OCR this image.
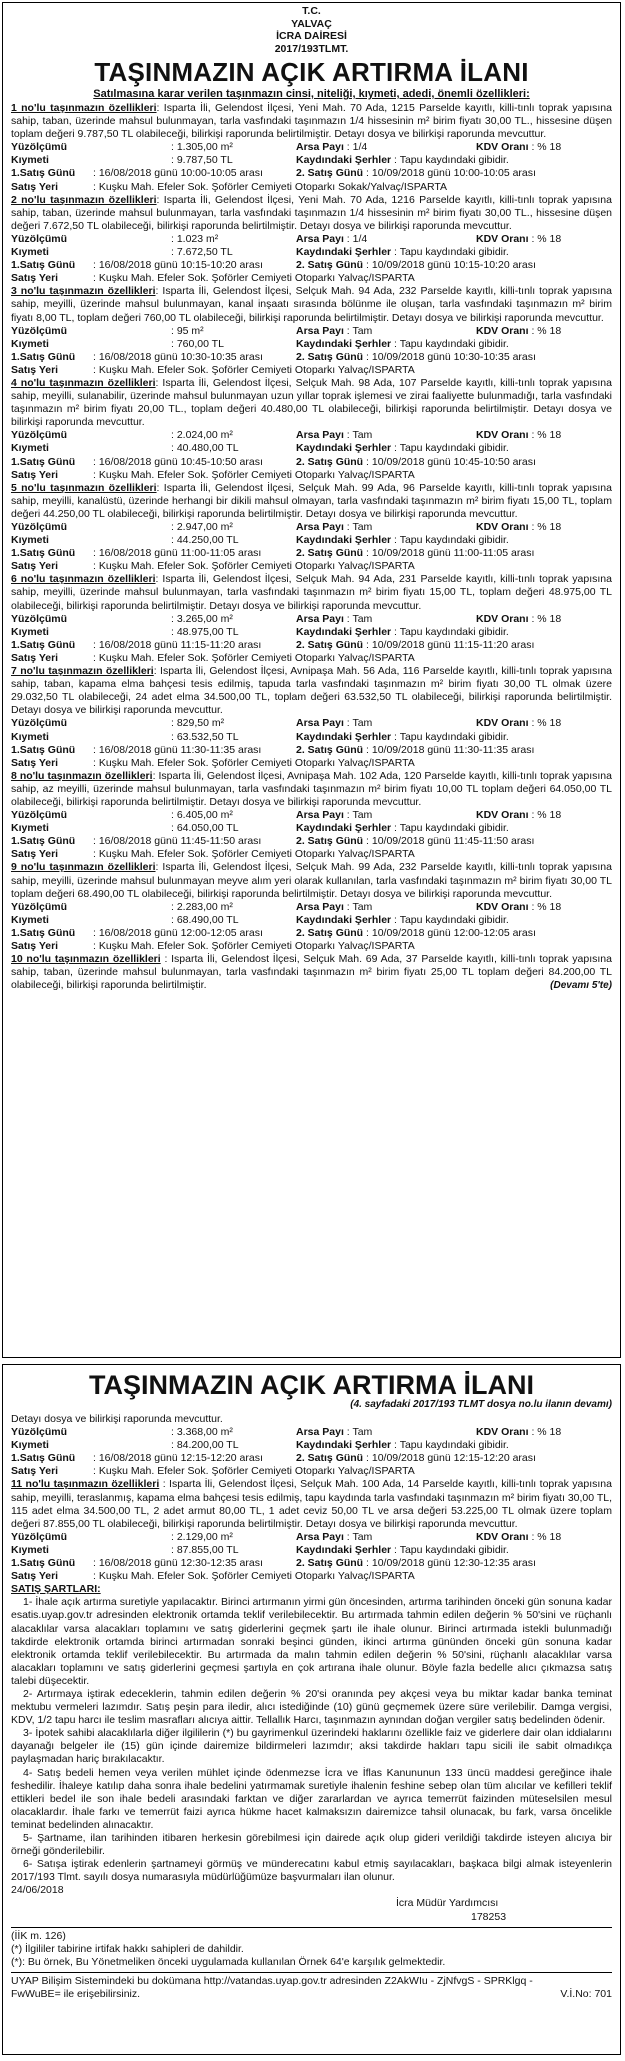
T.C.
YALVAÇ
İCRA DAİRESİ
2017/193TLMT.
TAŞINMAZIN AÇIK ARTIRMA İLANI
Satılmasına karar verilen taşınmazın cinsi, niteliği, kıymeti, adedi, önemli özellikleri:
1 no'lu taşınmazın özellikleri: Isparta İli, Gelendost İlçesi, Yeni Mah. 70 Ada, 1215 Parselde kayıtlı, killi-tınlı toprak yapısına sahip, taban, üzerinde mahsul bulunmayan, tarla vasfındaki taşınmazın 1/4 hissesinin m² birim fiyatı 30,00 TL., hissesine düşen toplam değeri 9.787,50 TL olabileceği, bilirkişi raporunda belirtilmiştir. Detayı dosya ve bilirkişi raporunda mevcuttur.
Yüzölçümü	: 1.305,00 m²	Arsa Payı : 1/4	KDV Oranı : % 18
Kıymeti	: 9.787,50 TL	Kaydındaki Şerhler : Tapu kaydındaki gibidir.
1.Satış Günü : 16/08/2018 günü 10:00-10:05 arası	2. Satış Günü : 10/09/2018 günü 10:00-10:05 arası
Satış Yeri	: Kuşku Mah. Efeler Sok. Şoförler Cemiyeti Otoparkı Sokak/Yalvaç/ISPARTA
2 no'lu taşınmazın özellikleri: Isparta İli, Gelendost İlçesi, Yeni Mah. 70 Ada, 1216 Parselde kayıtlı, killi-tınlı toprak yapısına sahip, taban, üzerinde mahsul bulunmayan, tarla vasfındaki taşınmazın 1/4 hissesinin m² birim fiyatı 30,00 TL., hissesine düşen değeri 7.672,50 TL olabileceği, bilirkişi raporunda belirtilmiştir. Detayı dosya ve bilirkişi raporunda mevcuttur.
Yüzölçümü	: 1.023 m²	Arsa Payı : 1/4	KDV Oranı : % 18
Kıymeti	: 7.672,50 TL	Kaydındaki Şerhler : Tapu kaydındaki gibidir.
1.Satış Günü : 16/08/2018 günü 10:15-10:20 arası	2. Satış Günü : 10/09/2018 günü 10:15-10:20 arası
Satış Yeri	: Kuşku Mah. Efeler Sok. Şoförler Cemiyeti Otoparkı Yalvaç/ISPARTA
3 no'lu taşınmazın özellikleri: Isparta İli, Gelendost İlçesi, Selçuk Mah. 94 Ada, 232 Parselde kayıtlı, killi-tınlı toprak yapısına sahip, meyilli, üzerinde mahsul bulunmayan, kanal inşaatı sırasında bölünme ile oluşan, tarla vasfındaki taşınmazın m² birim fiyatı 8,00 TL, toplam değeri 760,00 TL olabileceği, bilirkişi raporunda belirtilmiştir. Detayı dosya ve bilirkişi raporunda mevcuttur.
Yüzölçümü	: 95 m²	Arsa Payı : Tam	KDV Oranı : % 18
Kıymeti	: 760,00 TL	Kaydındaki Şerhler : Tapu kaydındaki gibidir.
1.Satış Günü : 16/08/2018 günü 10:30-10:35 arası	2. Satış Günü : 10/09/2018 günü 10:30-10:35 arası
Satış Yeri	: Kuşku Mah. Efeler Sok. Şoförler Cemiyeti Otoparkı Yalvaç/ISPARTA
4 no'lu taşınmazın özellikleri: Isparta İli, Gelendost İlçesi, Selçuk Mah. 98 Ada, 107 Parselde kayıtlı, killi-tınlı toprak yapısına sahip, meyilli, sulanabilir, üzerinde mahsul bulunmayan uzun yıllar toprak işlemesi ve zirai faaliyette bulunmadığı, tarla vasfındaki taşınmazın m² birim fiyatı 20,00 TL., toplam değeri 40.480,00 TL olabileceği, bilirkişi raporunda belirtilmiştir. Detayı dosya ve bilirkişi raporunda mevcuttur.
Yüzölçümü	: 2.024,00 m²	Arsa Payı : Tam	KDV Oranı : % 18
Kıymeti	: 40.480,00 TL	Kaydındaki Şerhler : Tapu kaydındaki gibidir.
1.Satış Günü : 16/08/2018 günü 10:45-10:50 arası	2. Satış Günü : 10/09/2018 günü 10:45-10:50 arası
Satış Yeri	: Kuşku Mah. Efeler Sok. Şoförler Cemiyeti Otoparkı Yalvaç/ISPARTA
5 no'lu taşınmazın özellikleri: Isparta İli, Gelendost İlçesi, Selçuk Mah. 99 Ada, 96 Parselde kayıtlı, killi-tınlı toprak yapısına sahip, meyilli, kanalüstü, üzerinde herhangi bir dikili mahsul olmayan, tarla vasfındaki taşınmazın m² birim fiyatı 15,00 TL, toplam değeri 44.250,00 TL olabileceği, bilirkişi raporunda belirtilmiştir. Detayı dosya ve bilirkişi raporunda mevcuttur.
Yüzölçümü	: 2.947,00 m²	Arsa Payı : Tam	KDV Oranı : % 18
Kıymeti	: 44.250,00 TL	Kaydındaki Şerhler : Tapu kaydındaki gibidir.
1.Satış Günü : 16/08/2018 günü 11:00-11:05 arası	2. Satış Günü : 10/09/2018 günü 11:00-11:05 arası
Satış Yeri	: Kuşku Mah. Efeler Sok. Şoförler Cemiyeti Otoparkı Yalvaç/ISPARTA
6 no'lu taşınmazın özellikleri: Isparta İli, Gelendost İlçesi, Selçuk Mah. 94 Ada, 231 Parselde kayıtlı, killi-tınlı toprak yapısına sahip, meyilli, üzerinde mahsul bulunmayan, tarla vasfındaki taşınmazın m² birim fiyatı 15,00 TL, toplam değeri 48.975,00 TL olabileceği, bilirkişi raporunda belirtilmiştir. Detayı dosya ve bilirkişi raporunda mevcuttur.
Yüzölçümü	: 3.265,00 m²	Arsa Payı : Tam	KDV Oranı : % 18
Kıymeti	: 48.975,00 TL	Kaydındaki Şerhler : Tapu kaydındaki gibidir.
1.Satış Günü : 16/08/2018 günü 11:15-11:20 arası	2. Satış Günü : 10/09/2018 günü 11:15-11:20 arası
Satış Yeri	: Kuşku Mah. Efeler Sok. Şoförler Cemiyeti Otoparkı Yalvaç/ISPARTA
7 no'lu taşınmazın özellikleri: Isparta İli, Gelendost İlçesi, Avnipaşa Mah. 56 Ada, 116 Parselde kayıtlı, killi-tınlı toprak yapısına sahip, taban, kapama elma bahçesi tesis edilmiş, tapuda tarla vasfındaki taşınmazın m² birim fiyatı 30,00 TL olmak üzere 29.032,50 TL olabileceği, 24 adet elma 34.500,00 TL, toplam değeri 63.532,50 TL olabileceği, bilirkişi raporunda belirtilmiştir. Detayı dosya ve bilirkişi raporunda mevcuttur.
Yüzölçümü	: 829,50 m²	Arsa Payı : Tam	KDV Oranı : % 18
Kıymeti	: 63.532,50 TL	Kaydındaki Şerhler : Tapu kaydındaki gibidir.
1.Satış Günü : 16/08/2018 günü 11:30-11:35 arası	2. Satış Günü : 10/09/2018 günü 11:30-11:35 arası
Satış Yeri	: Kuşku Mah. Efeler Sok. Şoförler Cemiyeti Otoparkı Yalvaç/ISPARTA
8 no'lu taşınmazın özellikleri: Isparta İli, Gelendost İlçesi, Avnipaşa Mah. 102 Ada, 120 Parselde kayıtlı, killi-tınlı toprak yapısına sahip, az meyilli, üzerinde mahsul bulunmayan, tarla vasfındaki taşınmazın m² birim fiyatı 10,00 TL toplam değeri 64.050,00 TL olabileceği, bilirkişi raporunda belirtilmiştir. Detayı dosya ve bilirkişi raporunda mevcuttur.
Yüzölçümü	: 6.405,00 m²	Arsa Payı : Tam	KDV Oranı : % 18
Kıymeti	: 64.050,00 TL	Kaydındaki Şerhler : Tapu kaydındaki gibidir.
1.Satış Günü : 16/08/2018 günü 11:45-11:50 arası	2. Satış Günü : 10/09/2018 günü 11:45-11:50 arası
Satış Yeri	: Kuşku Mah. Efeler Sok. Şoförler Cemiyeti Otoparkı Yalvaç/ISPARTA
9 no'lu taşınmazın özellikleri: Isparta İli, Gelendost İlçesi, Selçuk Mah. 99 Ada, 232 Parselde kayıtlı, killi-tınlı toprak yapısına sahip, meyilli, üzerinde mahsul bulunmayan meyve alım yeri olarak kullanılan, tarla vasfındaki taşınmazın m² birim fiyatı 30,00 TL toplam değeri 68.490,00 TL olabileceği, bilirkişi raporunda belirtilmiştir. Detayı dosya ve bilirkişi raporunda mevcuttur.
Yüzölçümü	: 2.283,00 m²	Arsa Payı : Tam	KDV Oranı : % 18
Kıymeti	: 68.490,00 TL	Kaydındaki Şerhler : Tapu kaydındaki gibidir.
1.Satış Günü : 16/08/2018 günü 12:00-12:05 arası	2. Satış Günü : 10/09/2018 günü 12:00-12:05 arası
Satış Yeri	: Kuşku Mah. Efeler Sok. Şoförler Cemiyeti Otoparkı Yalvaç/ISPARTA
10 no'lu taşınmazın özellikleri : Isparta İli, Gelendost İlçesi, Selçuk Mah. 69 Ada, 37 Parselde kayıtlı, killi-tınlı toprak yapısına sahip, taban, üzerinde mahsul bulunmayan, tarla vasfındaki taşınmazın m² birim fiyatı 25,00 TL toplam değeri 84.200,00 TL olabileceği, bilirkişi raporunda belirtilmiştir.	(Devamı 5'te)
TAŞINMAZIN AÇIK ARTIRMA İLANI
(4. sayfadaki 2017/193 TLMT dosya no.lu ilanın devamı)
Detayı dosya ve bilirkişi raporunda mevcuttur.
Yüzölçümü	: 3.368,00 m²	Arsa Payı : Tam	KDV Oranı : % 18
Kıymeti	: 84.200,00 TL	Kaydındaki Şerhler : Tapu kaydındaki gibidir.
1.Satış Günü : 16/08/2018 günü 12:15-12:20 arası	2. Satış Günü : 10/09/2018 günü 12:15-12:20 arası
Satış Yeri	: Kuşku Mah. Efeler Sok. Şoförler Cemiyeti Otoparkı Yalvaç/ISPARTA
11 no'lu taşınmazın özellikleri : Isparta İli, Gelendost İlçesi, Selçuk Mah. 100 Ada, 14 Parselde kayıtlı, killi-tınlı toprak yapısına sahip, meyilli, teraslanmış, kapama elma bahçesi tesis edilmiş, tapu kaydında tarla vasfındaki taşınmazın m² birim fiyatı 30,00 TL, 115 adet elma 34.500,00 TL, 2 adet armut 80,00 TL, 1 adet ceviz 50,00 TL ve arsa değeri 53.225,00 TL olmak üzere toplam değeri 87.855,00 TL olabileceği, bilirkişi raporunda belirtilmiştir. Detayı dosya ve bilirkişi raporunda mevcuttur.
Yüzölçümü	: 2.129,00 m²	Arsa Payı : Tam	KDV Oranı : % 18
Kıymeti	: 87.855,00 TL	Kaydındaki Şerhler : Tapu kaydındaki gibidir.
1.Satış Günü : 16/08/2018 günü 12:30-12:35 arası	2. Satış Günü : 10/09/2018 günü 12:30-12:35 arası
Satış Yeri	: Kuşku Mah. Efeler Sok. Şoförler Cemiyeti Otoparkı Yalvaç/ISPARTA
SATIŞ ŞARTLARI:
1- İhale açık artırma suretiyle yapılacaktır. Birinci artırmanın yirmi gün öncesinden, artırma tarihinden önceki gün sonuna kadar esatis.uyap.gov.tr adresinden elektronik ortamda teklif verilebilecektir. Bu artırmada tahmin edilen değerin % 50'sini ve rüçhanlı alacaklılar varsa alacakları toplamını ve satış giderlerini geçmek şartı ile ihale olunur. Birinci artırmada istekli bulunmadığı takdirde elektronik ortamda birinci artırmadan sonraki beşinci günden, ikinci artırma gününden önceki gün sonuna kadar elektronik ortamda teklif verilebilecektir. Bu artırmada da malın tahmin edilen değerin % 50'sini, rüçhanlı alacaklılar varsa alacakları toplamını ve satış giderlerini geçmesi şartıyla en çok artırana ihale olunur. Böyle fazla bedelle alıcı çıkmazsa satış talebi düşecektir.
2- Artırmaya iştirak edeceklerin, tahmin edilen değerin % 20'si oranında pey akçesi veya bu miktar kadar banka teminat mektubu vermeleri lazımdır. Satış peşin para iledir, alıcı istediğinde (10) günü geçmemek üzere süre verilebilir. Damga vergisi, KDV, 1/2 tapu harcı ile teslim masrafları alıcıya aittir. Tellallık Harcı, taşınmazın aynından doğan vergiler satış bedelinden ödenir.
3- İpotek sahibi alacaklılarla diğer ilgililerin (*) bu gayrimenkul üzerindeki haklarını özellikle faiz ve giderlere dair olan iddialarını dayanağı belgeler ile (15) gün içinde dairemize bildirmeleri lazımdır; aksi takdirde hakları tapu sicili ile sabit olmadıkça paylaşmadan hariç bırakılacaktır.
4- Satış bedeli hemen veya verilen mühlet içinde ödenmezse İcra ve İflas Kanununun 133 üncü maddesi gereğince ihale feshedilir. İhaleye katılıp daha sonra ihale bedelini yatırmamak suretiyle ihalenin feshine sebep olan tüm alıcılar ve kefilleri teklif ettikleri bedel ile son ihale bedeli arasındaki farktan ve diğer zararlardan ve ayrıca temerrüt faizinden müteselsilen mesul olacaklardır. İhale farkı ve temerrüt faizi ayrıca hükme hacet kalmaksızın dairemizce tahsil olunacak, bu fark, varsa öncelikle teminat bedelinden alınacaktır.
5- Şartname, ilan tarihinden itibaren herkesin görebilmesi için dairede açık olup gideri verildiği takdirde isteyen alıcıya bir örneği gönderilebilir.
6- Satışa iştirak edenlerin şartnameyi görmüş ve münderecatını kabul etmiş sayılacakları, başkaca bilgi almak isteyenlerin 2017/193 Tlmt. sayılı dosya numarasıyla müdürlüğümüze başvurmaları ilan olunur.
24/06/2018
İcra Müdür Yardımcısı
178253
(İİK m. 126)
(*) İlgililer tabirine irtifak hakkı sahipleri de dahildir.
(*): Bu örnek, Bu Yönetmeliken önceki uygulamada kullanılan Örnek 64'e karşılık gelmektedir.
UYAP Bilişim Sistemindeki bu dokümana http://vatandas.uyap.gov.tr adresinden Z2AkWIu - ZjNfvgS - SPRKlgq - FwWuBE= ile erişebilirsiniz.	V.İ.No: 701
